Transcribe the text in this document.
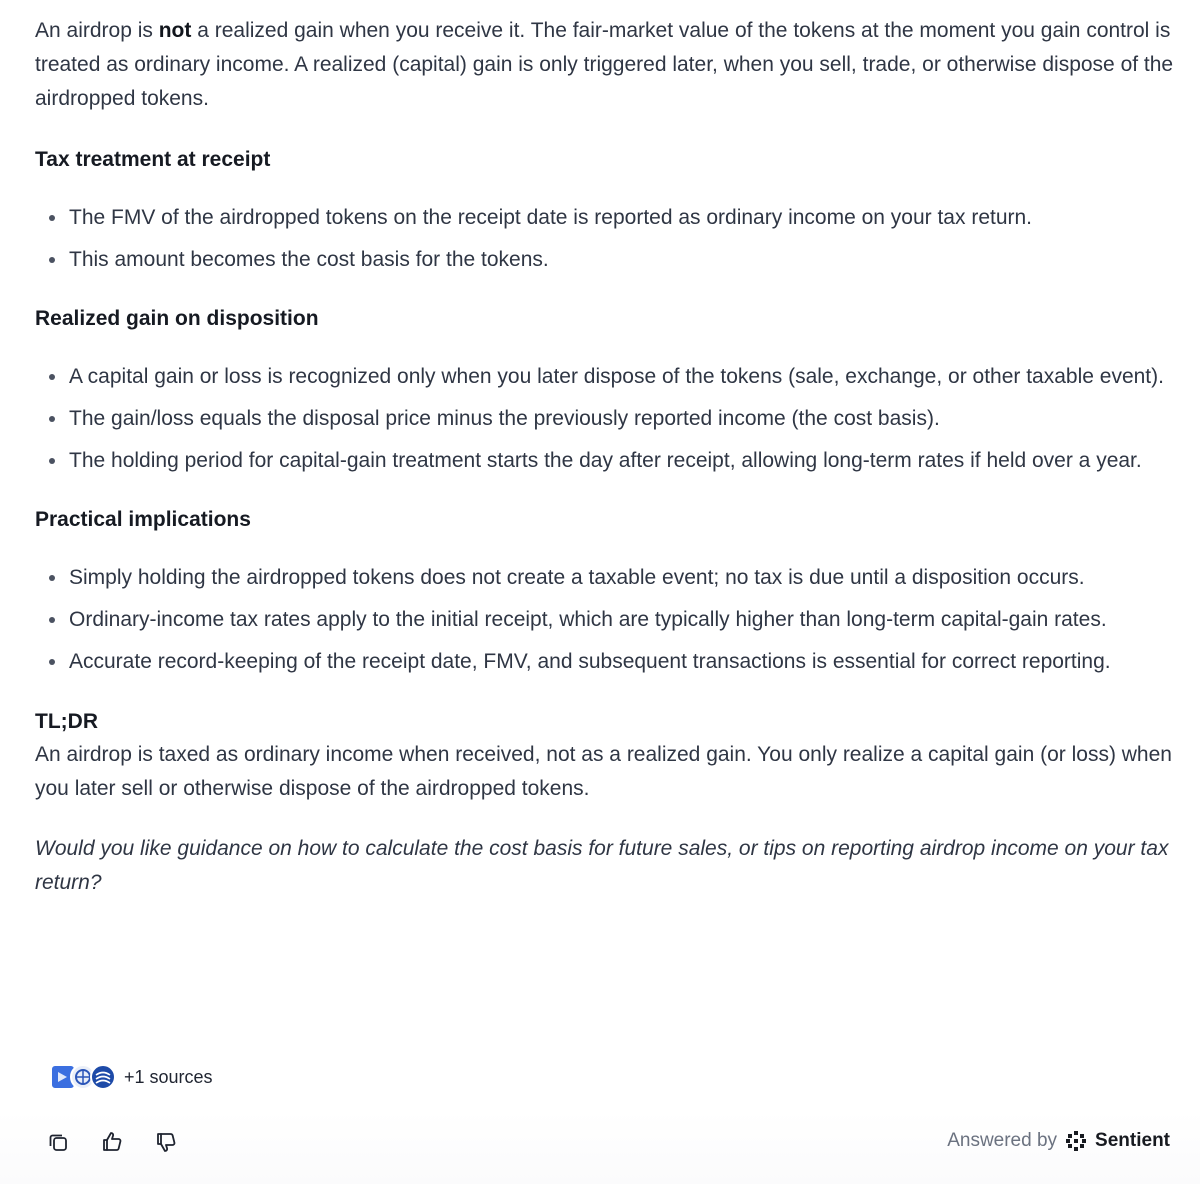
An airdrop is not a realized gain when you receive it. The fair-market value of the tokens at the moment you gain control is treated as ordinary income. A realized (capital) gain is only triggered later, when you sell, trade, or otherwise dispose of the airdropped tokens.

Tax treatment at receipt
The FMV of the airdropped tokens on the receipt date is reported as ordinary income on your tax return.
This amount becomes the cost basis for the tokens.
Realized gain on disposition
A capital gain or loss is recognized only when you later dispose of the tokens (sale, exchange, or other taxable event).
The gain/loss equals the disposal price minus the previously reported income (the cost basis).
The holding period for capital-gain treatment starts the day after receipt, allowing long-term rates if held over a year.
Practical implications
Simply holding the airdropped tokens does not create a taxable event; no tax is due until a disposition occurs.
Ordinary-income tax rates apply to the initial receipt, which are typically higher than long-term capital-gain rates.
Accurate record-keeping of the receipt date, FMV, and subsequent transactions is essential for correct reporting.
TL;DR

An airdrop is taxed as ordinary income when received, not as a realized gain. You only realize a capital gain (or loss) when you later sell or otherwise dispose of the airdropped tokens.

Would you like guidance on how to calculate the cost basis for future sales, or tips on reporting airdrop income on your tax return?

+1 sources
Answered by Sentient
